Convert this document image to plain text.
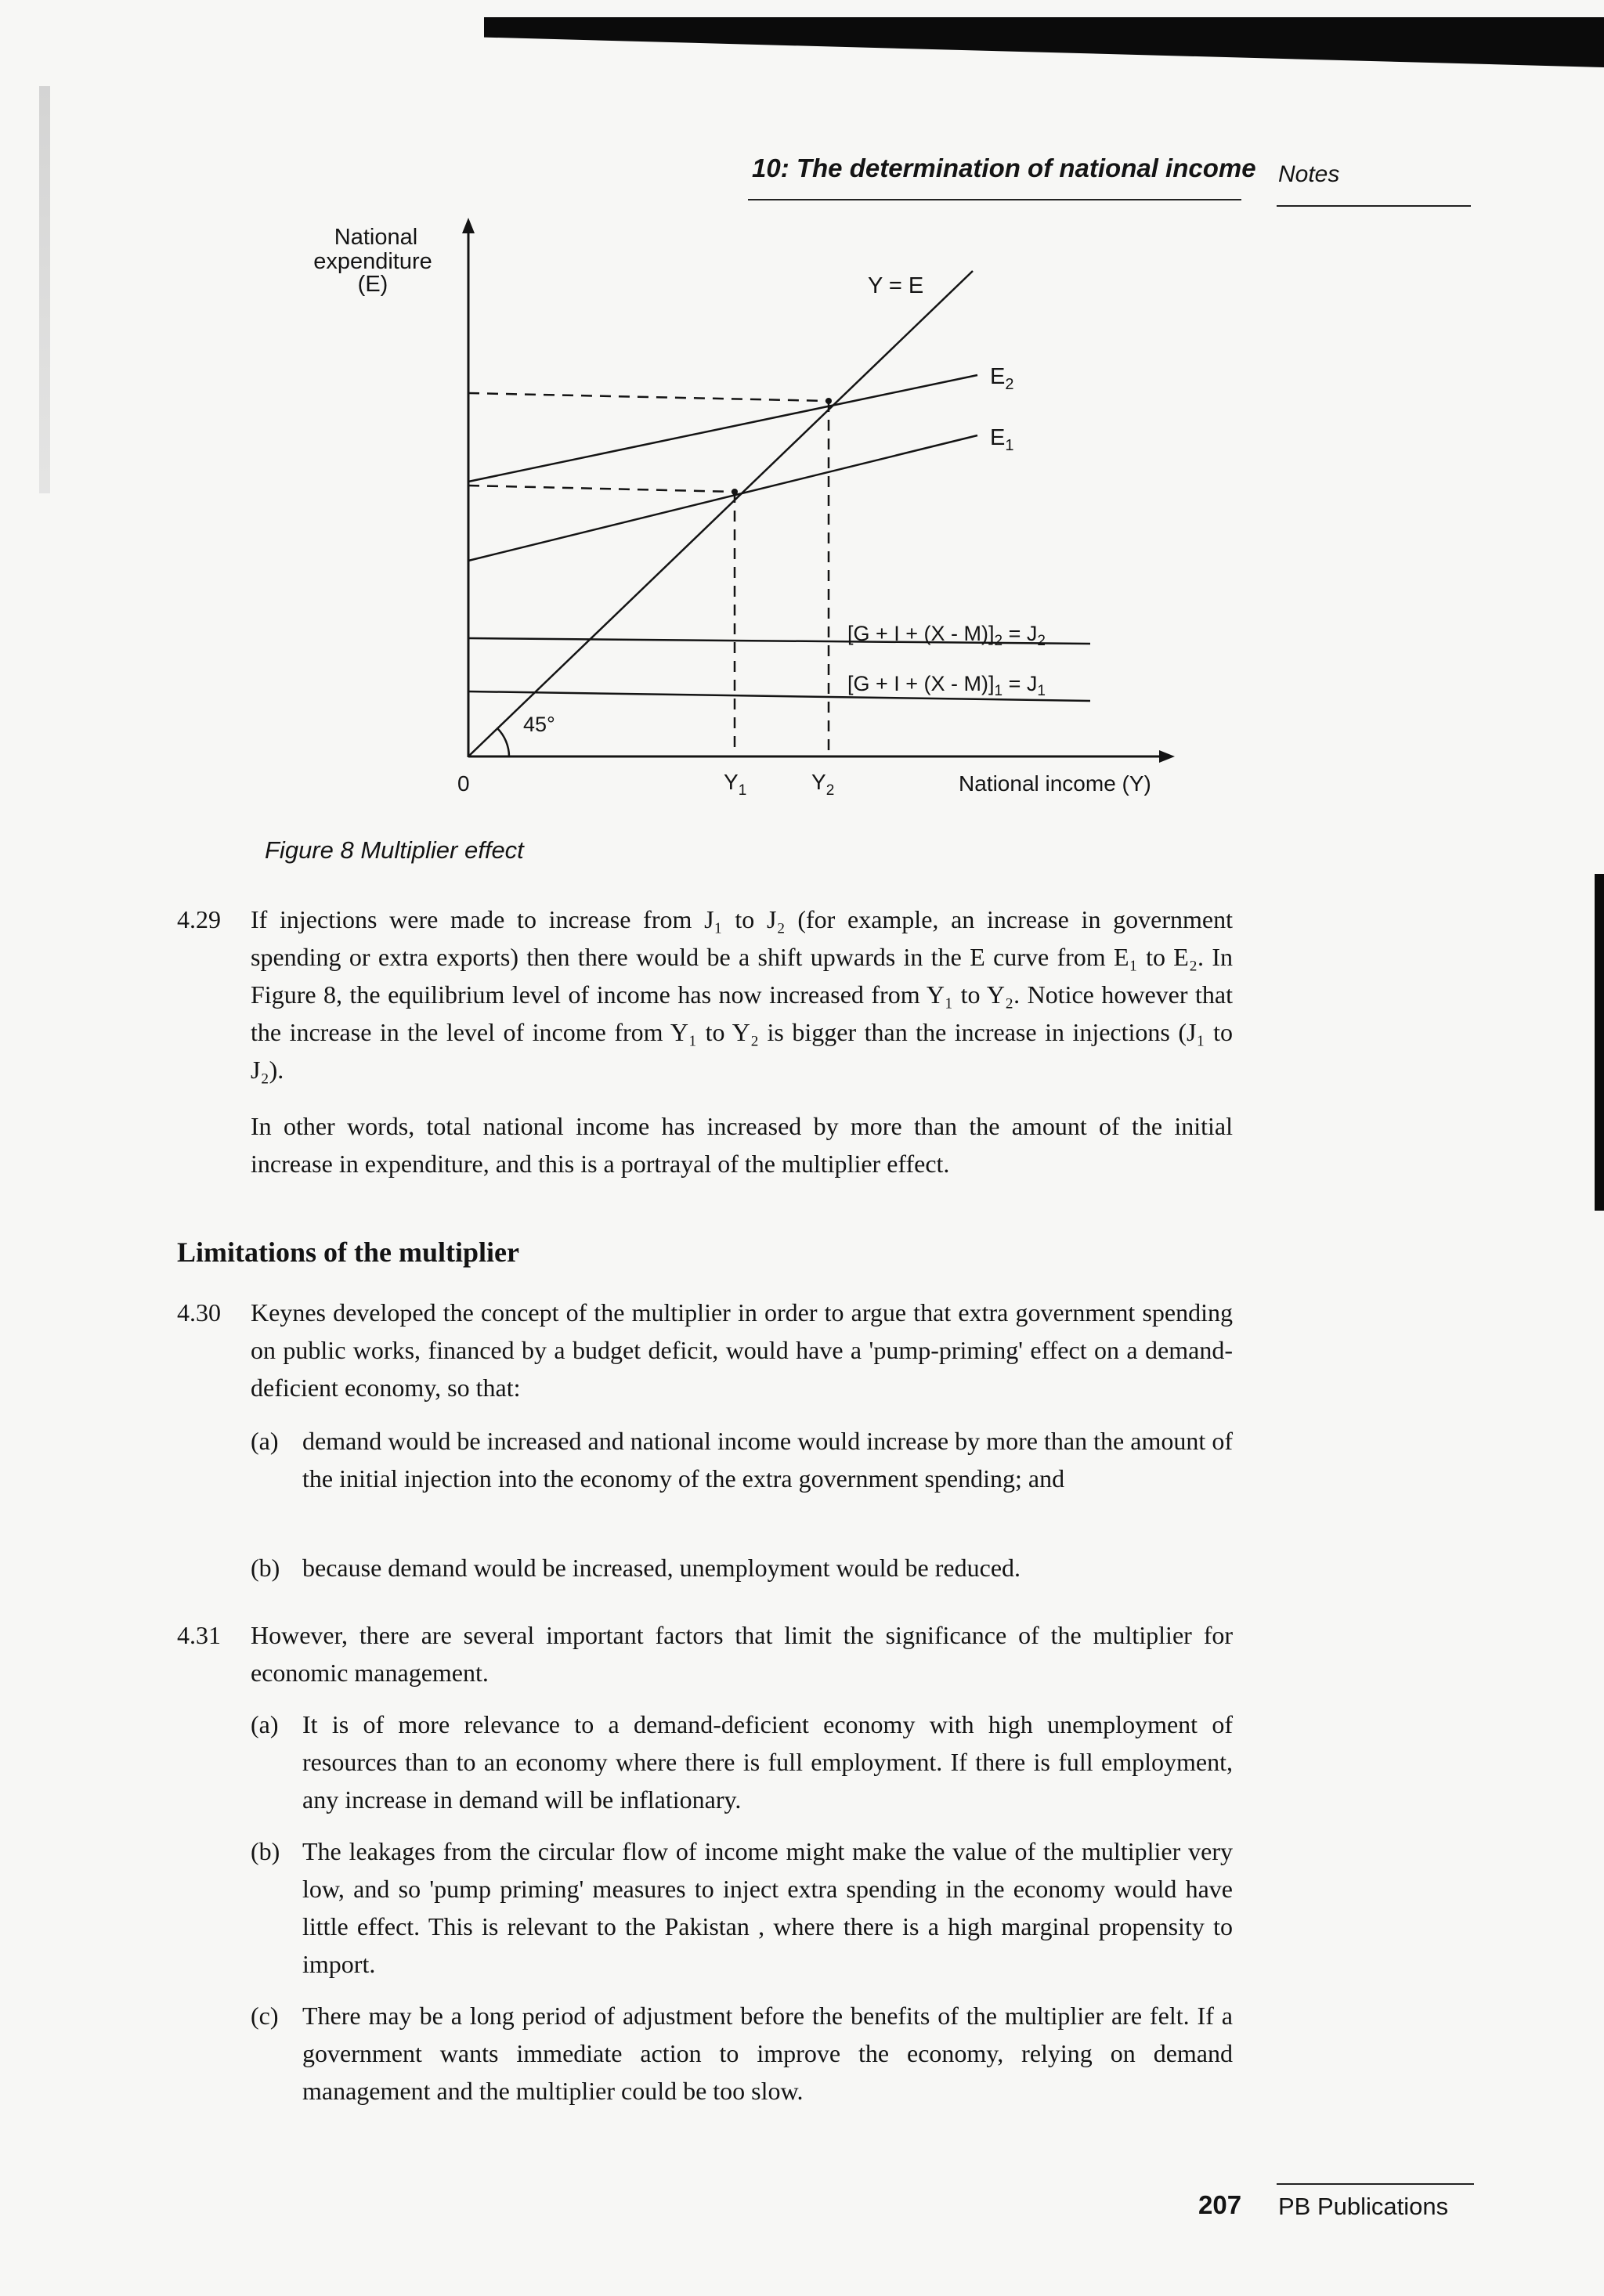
10: The determination of national income Notes
National
expenditure
(E)
45°
Y = E
$E_2$
$E_1$
$[G + I + (X - M)]_2 = J_2$
$[G + I + (X - M)]_1 = J_1$
0	$Y_1$	$Y_2$	National income (Y)
Figure 8 Multiplier effect
4.29 If injections were made to increase from J₁ to J₂ (for example, an increase in government spending or extra exports) then there would be a shift upwards in the E curve from E₁ to E₂. In Figure 8, the equilibrium level of income has now increased from Y₁ to Y₂. Notice however that the increase in the level of income from Y₁ to Y₂ is bigger than the increase in injections (J₁ to J₂).
In other words, total national income has increased by more than the amount of the initial increase in expenditure, and this is a portrayal of the multiplier effect.
Limitations of the multiplier
4.30 Keynes developed the concept of the multiplier in order to argue that extra government spending on public works, financed by a budget deficit, would have a 'pump-priming' effect on a demand-deficient economy, so that:
(a) demand would be increased and national income would increase by more than the amount of the initial injection into the economy of the extra government spending; and
(b) because demand would be increased, unemployment would be reduced.
4.31 However, there are several important factors that limit the significance of the multiplier for economic management.
(a) It is of more relevance to a demand-deficient economy with high unemployment of resources than to an economy where there is full employment. If there is full employment, any increase in demand will be inflationary.
(b) The leakages from the circular flow of income might make the value of the multiplier very low, and so 'pump priming' measures to inject extra spending in the economy would have little effect. This is relevant to the Pakistan , where there is a high marginal propensity to import.
(c) There may be a long period of adjustment before the benefits of the multiplier are felt. If a government wants immediate action to improve the economy, relying on demand management and the multiplier could be too slow.
207 PB Publications
